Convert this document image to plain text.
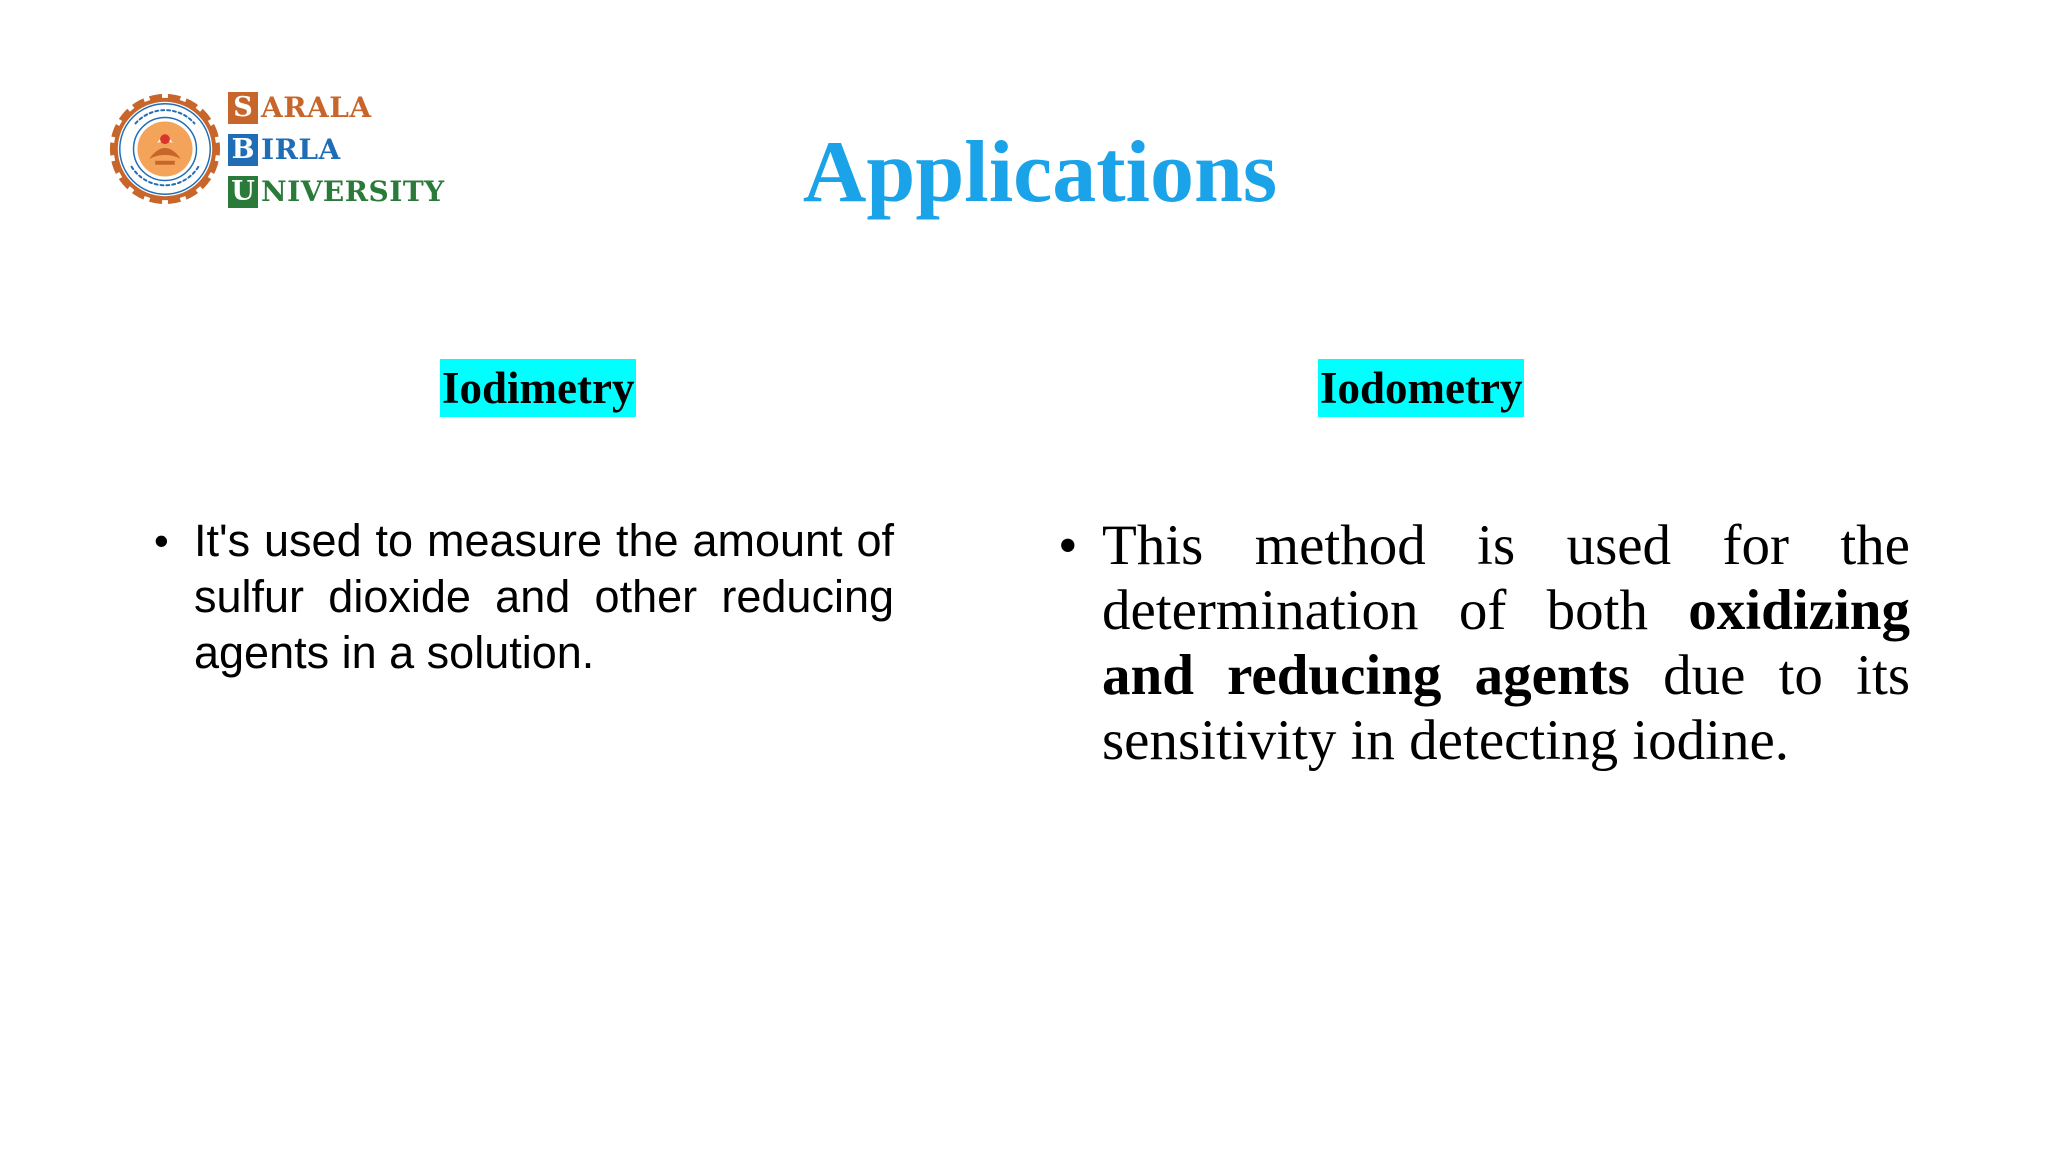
S ARALA
B IRLA
U NIVERSITY	Applications
Iodimetry	Iodometry
• It's used to measure the amount of sulfur dioxide and other reducing agents in a solution.
• This method is used for the determination of both oxidizing and reducing agents due to its sensitivity in detecting iodine.
